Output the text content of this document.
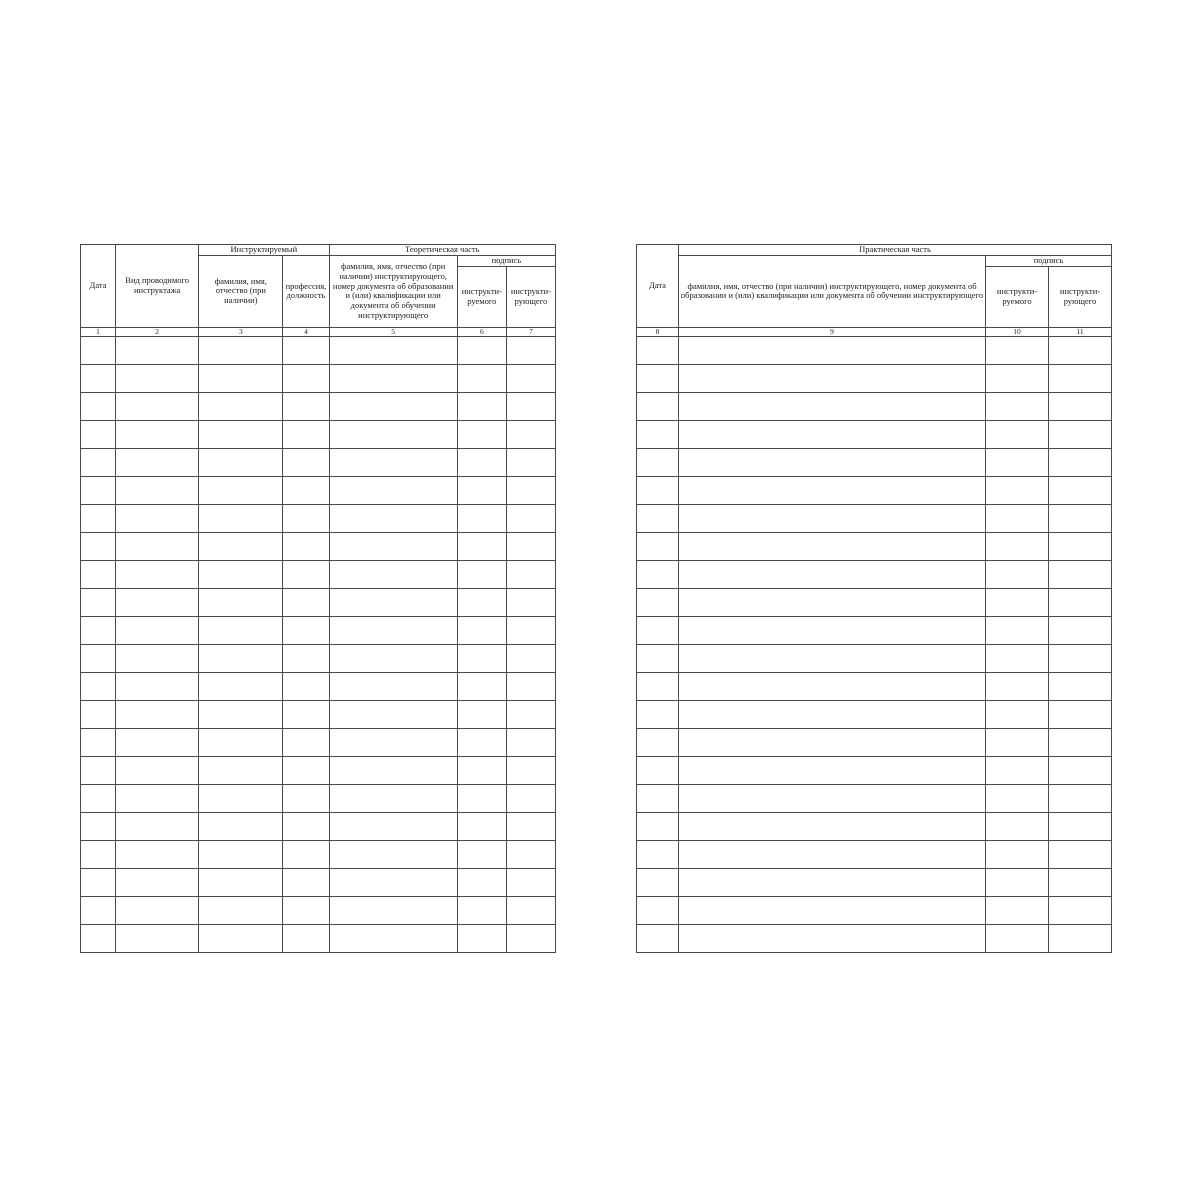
Дата	Вид проводимого инструктажа	Инструктируемый		Теоретическая часть		
		фамилия, имя, отчество (при наличии)	профессия, должность	фамилия, имя, отчество (при наличии) инструктирующего, номер документа об образовании и (или) квалификации или документа об обучении инструктирующего	подпись	
					инструкти-руемого	инструкти-рующего
1	2	3	4	5	6	7

Дата	Практическая часть		
	фамилия, имя, отчество (при наличии) инструктирующего, номер документа об образовании и (или) квалификации или документа об обучении инструктирующего	подпись	
		инструкти-руемого	инструкти-рующего
8	9	10	11
